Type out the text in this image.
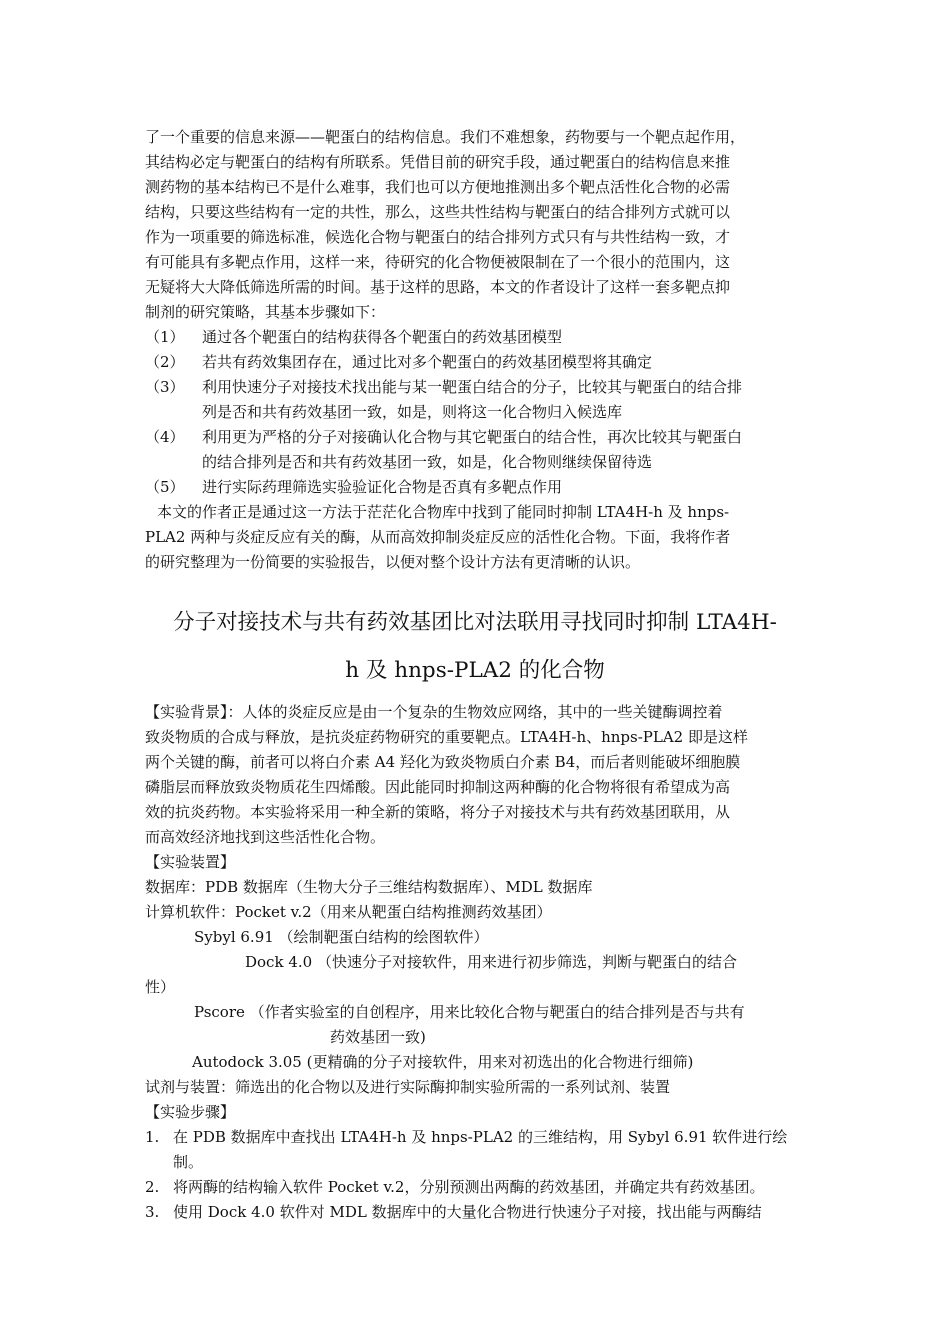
了一个重要的信息来源——靶蛋白的结构信息。我们不难想象，药物要与一个靶点起作用，
其结构必定与靶蛋白的结构有所联系。凭借目前的研究手段，通过靶蛋白的结构信息来推
测药物的基本结构已不是什么难事，我们也可以方便地推测出多个靶点活性化合物的必需
结构，只要这些结构有一定的共性，那么，这些共性结构与靶蛋白的结合排列方式就可以
作为一项重要的筛选标准，候选化合物与靶蛋白的结合排列方式只有与共性结构一致，才
有可能具有多靶点作用，这样一来，待研究的化合物便被限制在了一个很小的范围内，这
无疑将大大降低筛选所需的时间。基于这样的思路，本文的作者设计了这样一套多靶点抑
制剂的研究策略，其基本步骤如下：
（1） 通过各个靶蛋白的结构获得各个靶蛋白的药效基团模型
（2） 若共有药效集团存在，通过比对多个靶蛋白的药效基团模型将其确定
（3） 利用快速分子对接技术找出能与某一靶蛋白结合的分子，比较其与靶蛋白的结合排
列是否和共有药效基团一致，如是，则将这一化合物归入候选库
（4） 利用更为严格的分子对接确认化合物与其它靶蛋白的结合性，再次比较其与靶蛋白
的结合排列是否和共有药效基团一致，如是，化合物则继续保留待选
（5） 进行实际药理筛选实验验证化合物是否真有多靶点作用
本文的作者正是通过这一方法于茫茫化合物库中找到了能同时抑制 LTA4H-h 及 hnps-
PLA2 两种与炎症反应有关的酶，从而高效抑制炎症反应的活性化合物。下面，我将作者
的研究整理为一份简要的实验报告，以便对整个设计方法有更清晰的认识。
分子对接技术与共有药效基团比对法联用寻找同时抑制 LTA4H-
h 及 hnps-PLA2 的化合物
【实验背景】：人体的炎症反应是由一个复杂的生物效应网络，其中的一些关键酶调控着
致炎物质的合成与释放，是抗炎症药物研究的重要靶点。LTA4H-h、hnps-PLA2 即是这样
两个关键的酶，前者可以将白介素 A4 羟化为致炎物质白介素 B4，而后者则能破坏细胞膜
磷脂层而释放致炎物质花生四烯酸。因此能同时抑制这两种酶的化合物将很有希望成为高
效的抗炎药物。本实验将采用一种全新的策略，将分子对接技术与共有药效基团联用，从
而高效经济地找到这些活性化合物。
【实验装置】
数据库：PDB 数据库（生物大分子三维结构数据库）、MDL 数据库
计算机软件：Pocket v.2（用来从靶蛋白结构推测药效基团）
Sybyl 6.91 （绘制靶蛋白结构的绘图软件）
Dock 4.0 （快速分子对接软件，用来进行初步筛选，判断与靶蛋白的结合
性）
Pscore （作者实验室的自创程序，用来比较化合物与靶蛋白的结合排列是否与共有
药效基团一致)
Autodock 3.05 (更精确的分子对接软件，用来对初选出的化合物进行细筛)
试剂与装置：筛选出的化合物以及进行实际酶抑制实验所需的一系列试剂、装置
【实验步骤】
1. 在 PDB 数据库中查找出 LTA4H-h 及 hnps-PLA2 的三维结构，用 Sybyl 6.91 软件进行绘
制。
2. 将两酶的结构输入软件 Pocket v.2，分别预测出两酶的药效基团，并确定共有药效基团。
3. 使用 Dock 4.0 软件对 MDL 数据库中的大量化合物进行快速分子对接，找出能与两酶结
